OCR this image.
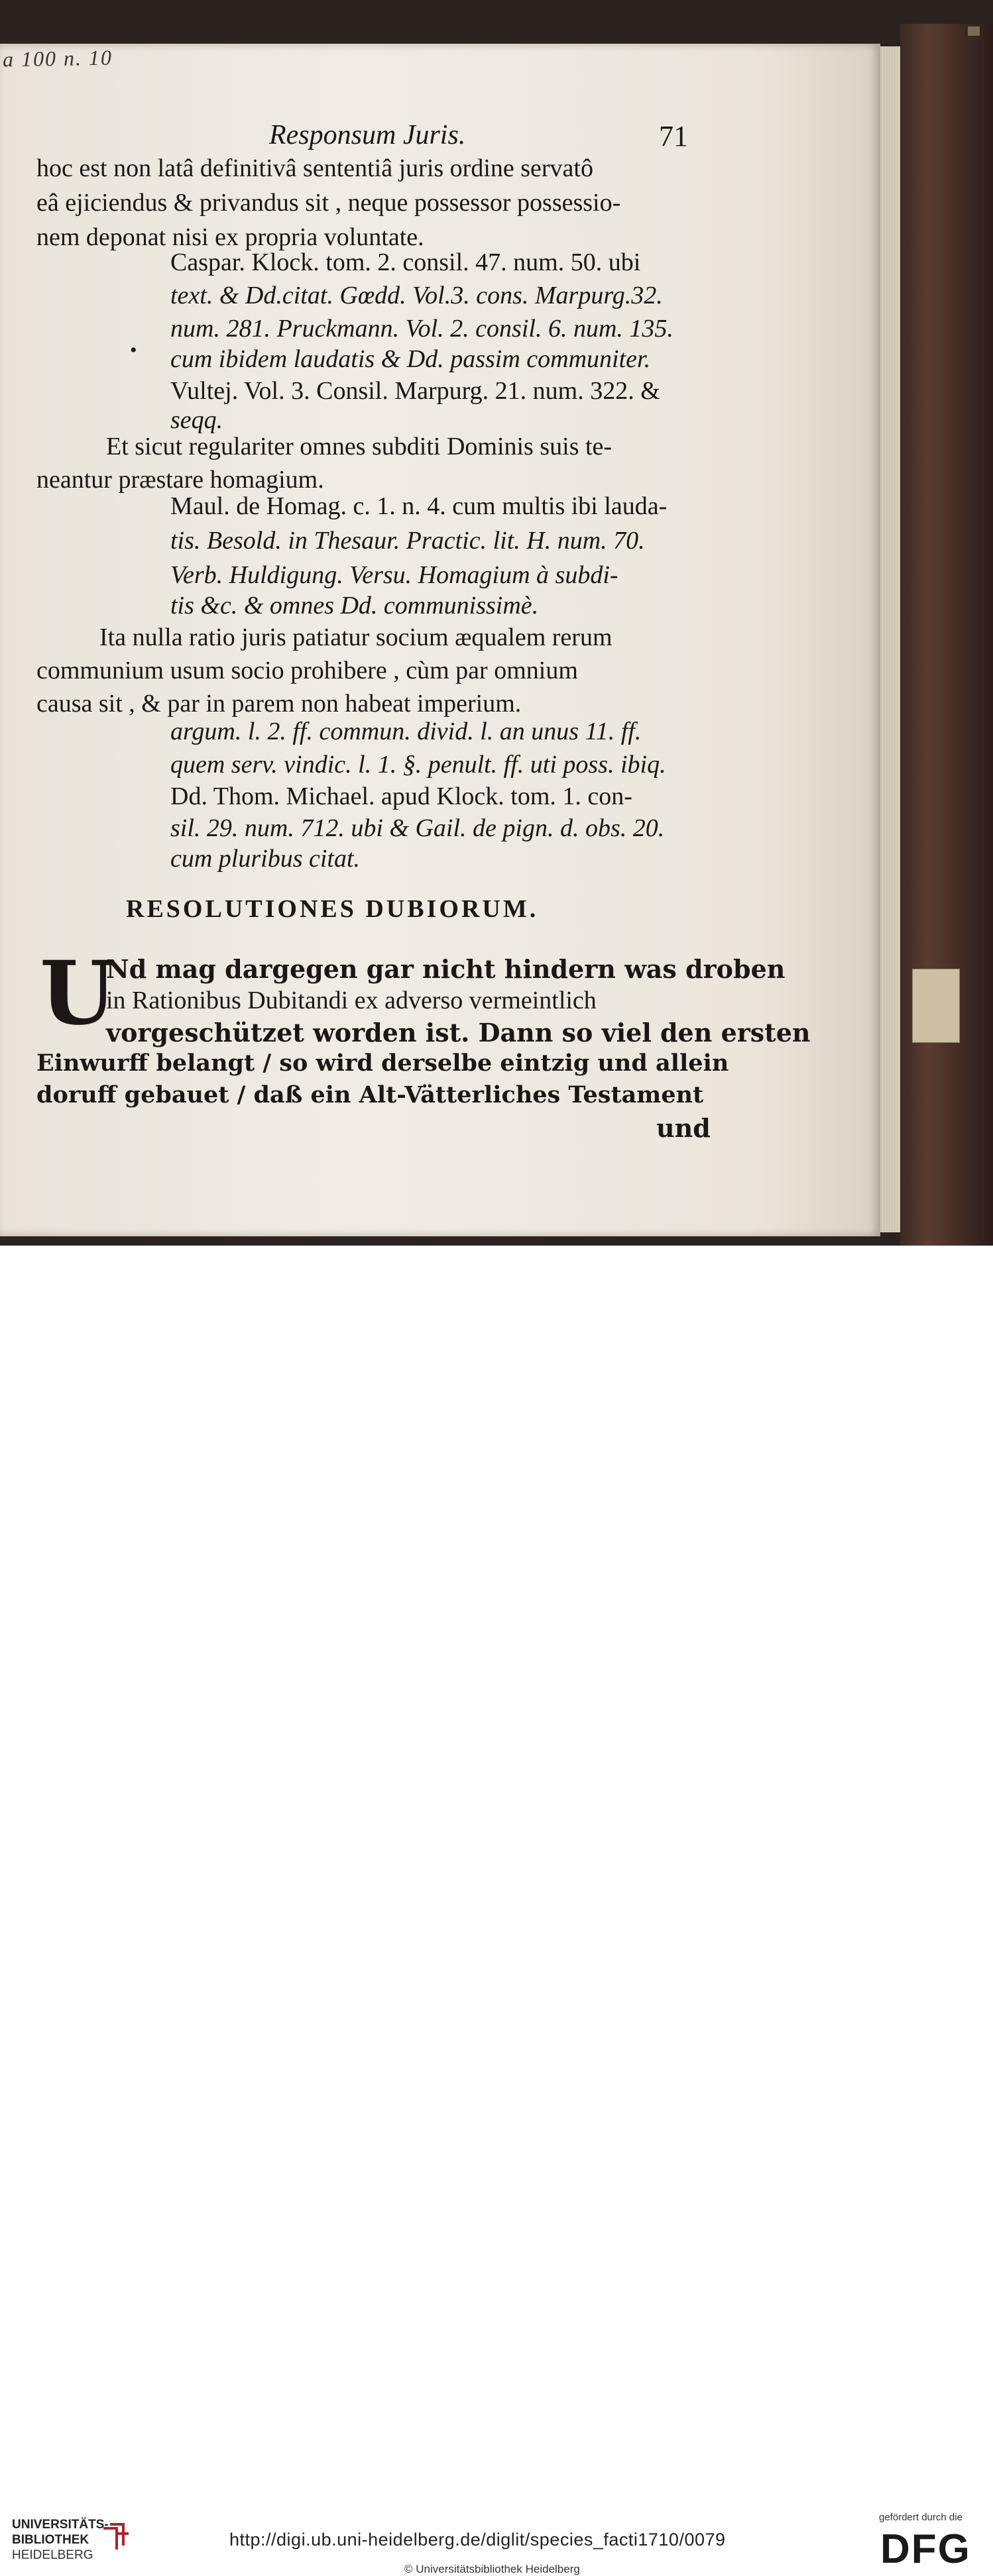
a 100 n. 10
Responsum Juris.	71
hoc est non latâ definitivâ sententiâ juris ordine servatô
eâ ejiciendus & privandus sit , neque possessor possessio-
nem deponat nisi ex propria voluntate.
Caspar. Klock. tom. 2. consil. 47. num. 50. ubi
text. & Dd.citat. Gœdd. Vol.3. cons. Marpurg.32.
num. 281. Pruckmann. Vol. 2. consil. 6. num. 135.
• cum ibidem laudatis & Dd. passim communiter.
Vultej. Vol. 3. Consil. Marpurg. 21. num. 322. &
seqq.
Et sicut regulariter omnes subditi Dominis suis te-
neantur præstare homagium.
Maul. de Homag. c. 1. n. 4. cum multis ibi lauda-
tis. Besold. in Thesaur. Practic. lit. H. num. 70.
Verb. Huldigung. Versu. Homagium à subdi-
tis &c. & omnes Dd. communissimè.
Ita nulla ratio juris patiatur socium æqualem rerum
communium usum socio prohibere , cùm par omnium
causa sit , & par in parem non habeat imperium.
argum. l. 2. ff. commun. divid. l. an unus 11. ff.
quem serv. vindic. l. 1. §. penult. ff. uti poss. ibiq.
Dd. Thom. Michael. apud Klock. tom. 1. con-
sil. 29. num. 712. ubi & Gail. de pign. d. obs. 20.
cum pluribus citat.
RESOLUTIONES DUBIORUM.
U
Nd mag dargegen gar nicht hindern was droben
in Rationibus Dubitandi ex adverso vermeintlich
vorgeschützet worden ist. Dann so viel den ersten
Einwurff belangt / so wird derselbe eintzig und allein
doruff gebauet / daß ein Alt-Vätterliches Testament
und
UNIVERSITÄTS-
BIBLIOTHEK
HEIDELBERG
http://digi.ub.uni-heidelberg.de/diglit/species_facti1710/0079
© Universitätsbibliothek Heidelberg
gefördert durch die
DFG
